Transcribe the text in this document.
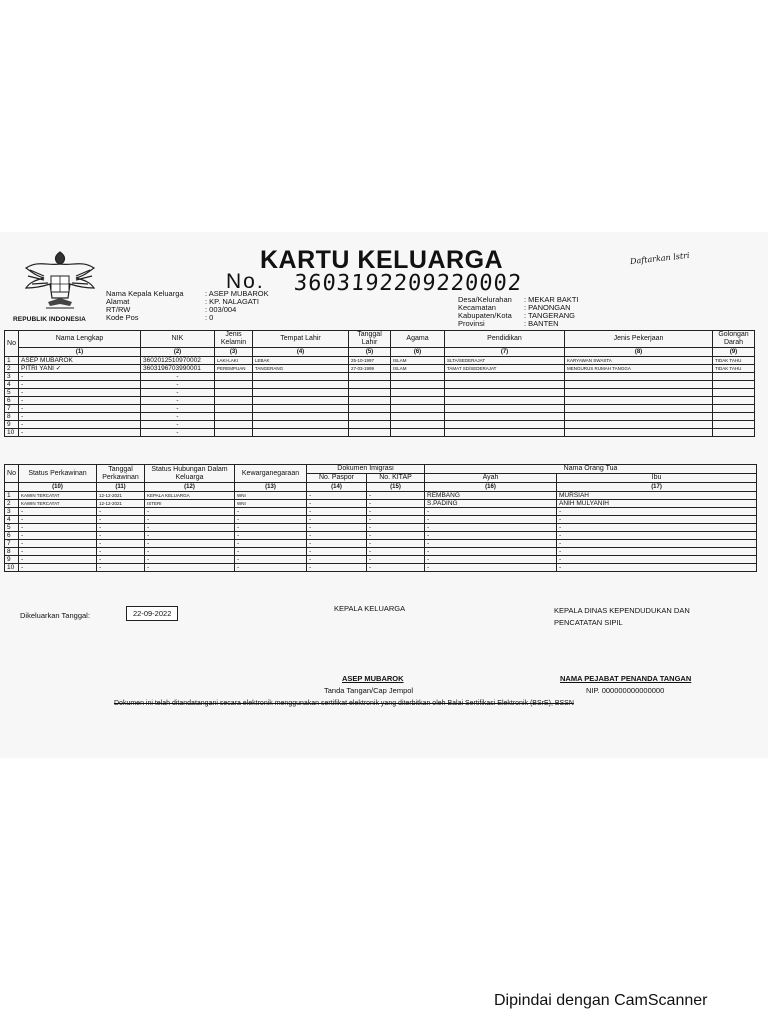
REPUBLIK INDONESIA
KARTU KELUARGA
No. 3603192209220002
Daftarkan lstri
Nama Kepala Keluarga	: ASEP MUBAROK
Alamat	: KP. NALAGATI
RT/RW	: 003/004
Kode Pos	: 0
Desa/Kelurahan	: MEKAR BAKTI
Kecamatan	: PANONGAN
Kabupaten/Kota	: TANGERANG
Provinsi	: BANTEN
No	Nama Lengkap	NIK	Jenis Kelamin	Tempat Lahir	Tanggal Lahir	Agama	Pendidikan	Jenis Pekerjaan	Golongan Darah
	(1)	(2)	(3)	(4)	(5)	(6)	(7)	(8)	(9)
1	ASEP MUBAROK	3602012510970002	LAKI-LAKI	LEBAK	25-10-1997	ISLAM	SLTA/SEDERAJAT	KARYAWAN SWASTA	TIDAK TAHU
2	PITRI YANI ✓	3603196703990001	PEREMPUAN	TANGERANG	27-03-1999	ISLAM	TAMAT SD/SEDERAJAT	MENGURUS RUMAH TANGGA	TIDAK TAHU
3	-	-							
4	-	-							
5	-	-							
6	-	-							
7	-	-							
8	-	-							
9	-	-							
10	-	-							
No	Status Perkawinan	Tanggal Perkawinan	Status Hubungan Dalam Keluarga	Kewarganegaraan	Dokumen Imigrasi		Nama Orang Tua	
					No. Paspor	No. KITAP	Ayah	Ibu
	(10)	(11)	(12)	(13)	(14)	(15)	(16)	(17)
1	KAWIN TERCATAT	12-12-2021	KEPALA KELUARGA	WNI	-	-	REMBANG	MURSIAH
2	KAWIN TERCATAT	12-12-2021	ISTERI	WNI	-	-	S.PADING	ANIH MULYANIH
3	-	-	-	-	-	-	-	-
4	-	-	-	-	-	-	-	-
5	-	-	-	-	-	-	-	-
6	-	-	-	-	-	-	-	-
7	-	-	-	-	-	-	-	-
8	-	-	-	-	-	-	-	-
9	-	-	-	-	-	-	-	-
10	-	-	-	-	-	-	-	-
Dikeluarkan Tanggal:	22-09-2022
KEPALA KELUARGA	KEPALA DINAS KEPENDUDUKAN DAN PENCATATAN SIPIL
ASEP MUBAROK
Tanda Tangan/Cap Jempol
NAMA PEJABAT PENANDA TANGAN
NIP. 000000000000000
Dokumen ini telah ditandatangani secara elektronik menggunakan sertifikat elektronik yang diterbitkan oleh Balai Sertifikasi Elektronik (BSrE), BSSN
Dipindai dengan CamScanner
